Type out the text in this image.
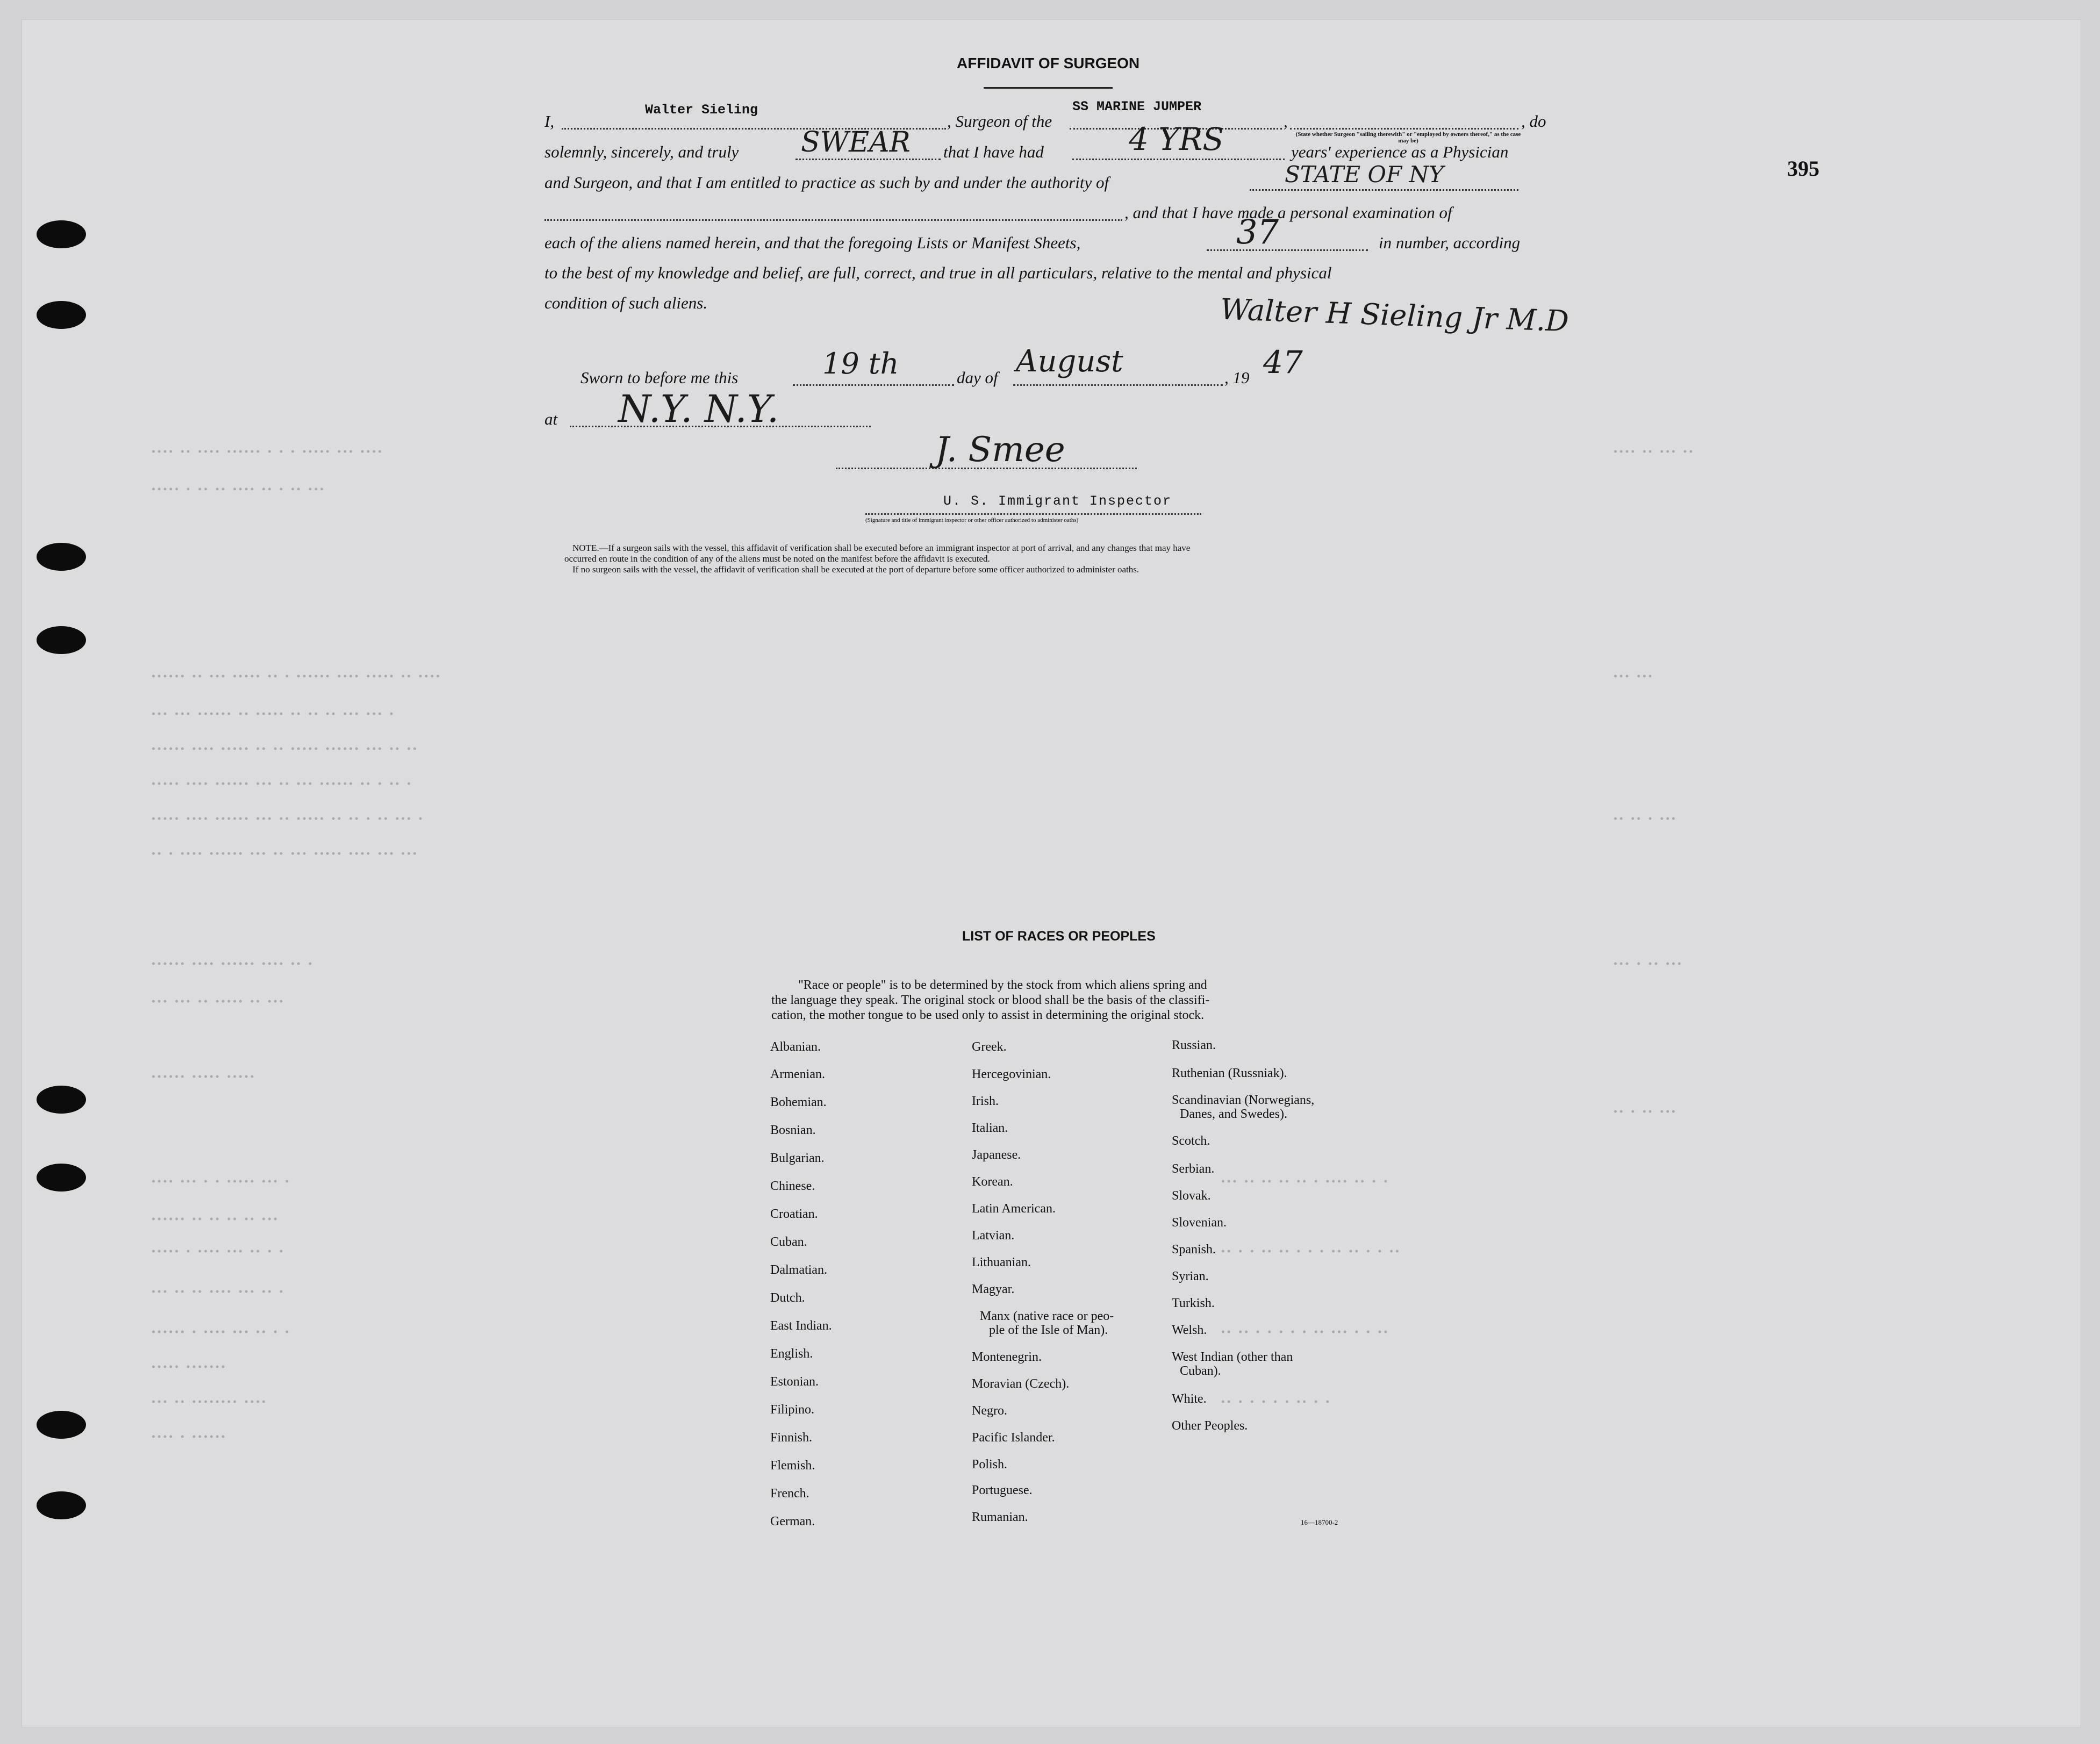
•••• •• •••• •••••• • • • ••••• ••• ••••
••••• • •• •• •••• •• • •• •••
•••••• •• ••• ••••• •• • •••••• •••• ••••• •• ••••
••• ••• •••••• •• ••••• •• •• •• ••• ••• •
•••••• •••• ••••• •• •• ••••• •••••• ••• •• ••
••••• •••• •••••• ••• •• ••• •••••• •• • •• •
••••• •••• •••••• ••• •• ••••• •• •• • •• ••• •
•• • •••• •••••• ••• •• ••• ••••• •••• ••• •••
•••••• •••• •••••• •••• •• •
••• ••• •• ••••• •• •••
•••••• ••••• •••••
•••• ••• • • ••••• ••• •
•••••• •• •• •• •• •••
••••• • •••• ••• •• • •
••• •• •• •••• ••• •• •
•••••• • •••• ••• •• • •
••••• •••••••
••• •• •••••••• ••••
•••• • ••••••
••• •• •• •• •• • •••• •• • •
•• • • •• •• • • • •• •• • • ••
•• •• • • • • • •• ••• • • ••
•• • • • • • •• • •
•••• •• ••• ••
••• •••
•• •• • •••
••• • •• •••
•• • •• •••
395
AFFIDAVIT OF SURGEON
I,
Walter Sieling
, Surgeon of the
SS MARINE JUMPER
,	, do
(State whether Surgeon "sailing therewith" or "employed by owners thereof," as the case may be)
solemnly, sincerely, and truly SWEAR that I have had	4 YRS	years' experience as a Physician
and Surgeon, and that I am entitled to practice as such by and under the authority of	STATE OF NY
, and that I have made a personal examination of
each of the aliens named herein, and that the foregoing Lists or Manifest Sheets,	37	in number, according
to the best of my knowledge and belief, are full, correct, and true in all particulars, relative to the mental and physical
condition of such aliens.	Walter H Sieling Jr M.D
Sworn to before me this	19 th	day of August	, 19 47
at N.Y. N.Y.
J. Smee
U. S. Immigrant Inspector
(Signature and title of immigrant inspector or other officer authorized to administer oaths)
NOTE.—If a surgeon sails with the vessel, this affidavit of verification shall be executed before an immigrant inspector at port of arrival, and any changes that may have
occurred en route in the condition of any of the aliens must be noted on the manifest before the affidavit is executed.
If no surgeon sails with the vessel, the affidavit of verification shall be executed at the port of departure before some officer authorized to administer oaths.
LIST OF RACES OR PEOPLES
"Race or people" is to be determined by the stock from which aliens spring and
the language they speak. The original stock or blood shall be the basis of the classifi-
cation, the mother tongue to be used only to assist in determining the original stock.
Albanian.
Armenian.
Bohemian.
Bosnian.
Bulgarian.
Chinese.
Croatian.
Cuban.
Dalmatian.
Dutch.
East Indian.
English.
Estonian.
Filipino.
Finnish.
Flemish.
French.
German.
Greek.
Hercegovinian.
Irish.
Italian.
Japanese.
Korean.
Latin American.
Latvian.
Lithuanian.
Magyar.
Manx (native race or peo-
ple of the Isle of Man).
Montenegrin.
Moravian (Czech).
Negro.
Pacific Islander.
Polish.
Portuguese.
Rumanian.
Russian.
Ruthenian (Russniak).
Scandinavian (Norwegians,
Danes, and Swedes).
Scotch.
Serbian.
Slovak.
Slovenian.
Spanish.
Syrian.
Turkish.
Welsh.
West Indian (other than
Cuban).
White.
Other Peoples.
16—18700-2
